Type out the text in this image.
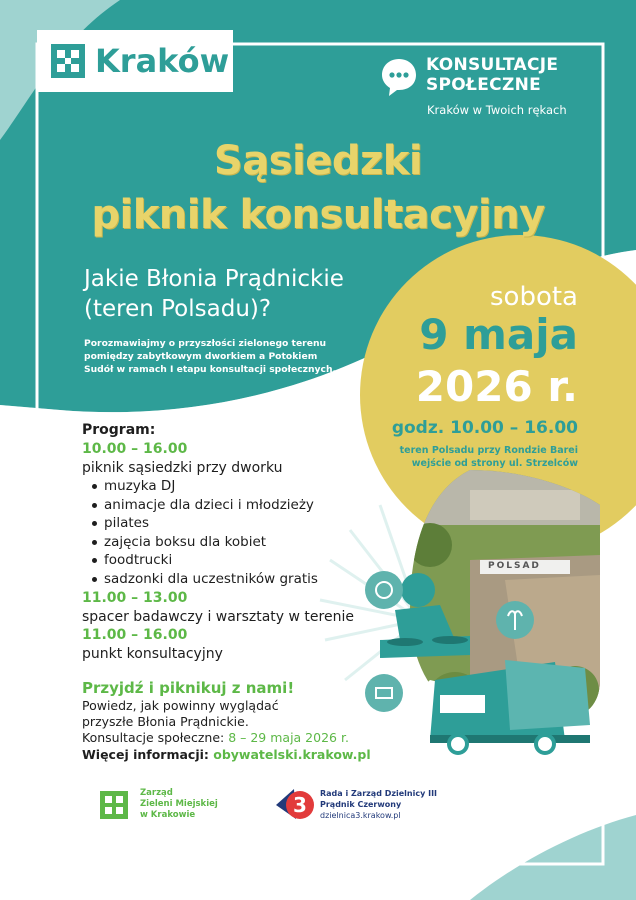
Kraków	KONSULTACJE
SPOŁECZNE
Kraków w Twoich rękach
Sąsiedzki
piknik konsultacyjny
Jakie Błonia Prądnickie
(teren Polsadu)?
Porozmawiajmy o przyszłości zielonego terenu pomiędzy zabytkowym dworkiem a Potokiem Sudół w ramach I etapu konsultacji społecznych.
sobota
9 maja
2026 r.
godz. 10.00 – 16.00
teren Polsadu przy Rondzie Barei
wejście od strony ul. Strzelców
POLSAD
Program:
10.00 – 16.00
piknik sąsiedzki przy dworku
muzyka DJ
animacje dla dzieci i młodzieży
pilates
zajęcia boksu dla kobiet
foodtrucki
sadzonki dla uczestników gratis
11.00 – 13.00
spacer badawczy i warsztaty w terenie
11.00 – 16.00
punkt konsultacyjny
Przyjdź i piknikuj z nami!
Powiedz, jak powinny wyglądać
przyszłe Błonia Prądnickie.
Konsultacje społeczne: 8 – 29 maja 2026 r.
Więcej informacji: obywatelski.krakow.pl
Zarząd
Zieleni Miejskiej
w Krakowie	3 Rada i Zarząd Dzielnicy III
Prądnik Czerwony
dzielnica3.krakow.pl
